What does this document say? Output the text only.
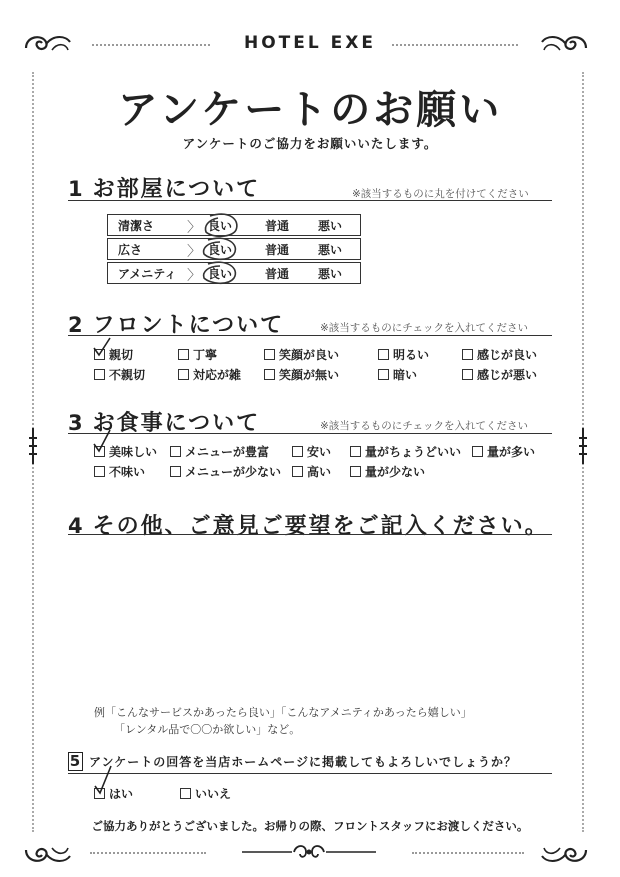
HOTEL EXE
アンケートのお願い
アンケートのご協力をお願いいたします。
1 お部屋について	※該当するものに丸を付けてください
清潔さ 〉 良い	普通 悪い
広さ	〉 良い	普通 悪い
アメニティ 〉 良い	普通 悪い
2 フロントについて	※該当するものにチェックを入れてください
親切	丁寧	笑顔が良い	明るい	感じが良い
不親切	対応が雑	笑顔が無い	暗い	感じが悪い
3 お食事について	※該当するものにチェックを入れてください
美味しい	メニューが豊富	安い	量がちょうどいい	量が多い
不味い	メニューが少ない	高い	量が少ない
4 その他、ご意見ご要望をご記入ください。
例「こんなサービスかあったら良い」「こんなアメニティかあったら嬉しい」
「レンタル品で〇〇か欲しい」など。
5 アンケートの回答を当店ホームページに掲載してもよろしいでしょうか？
はい	いいえ
ご協力ありがとうございました。お帰りの際、フロントスタッフにお渡しください。
